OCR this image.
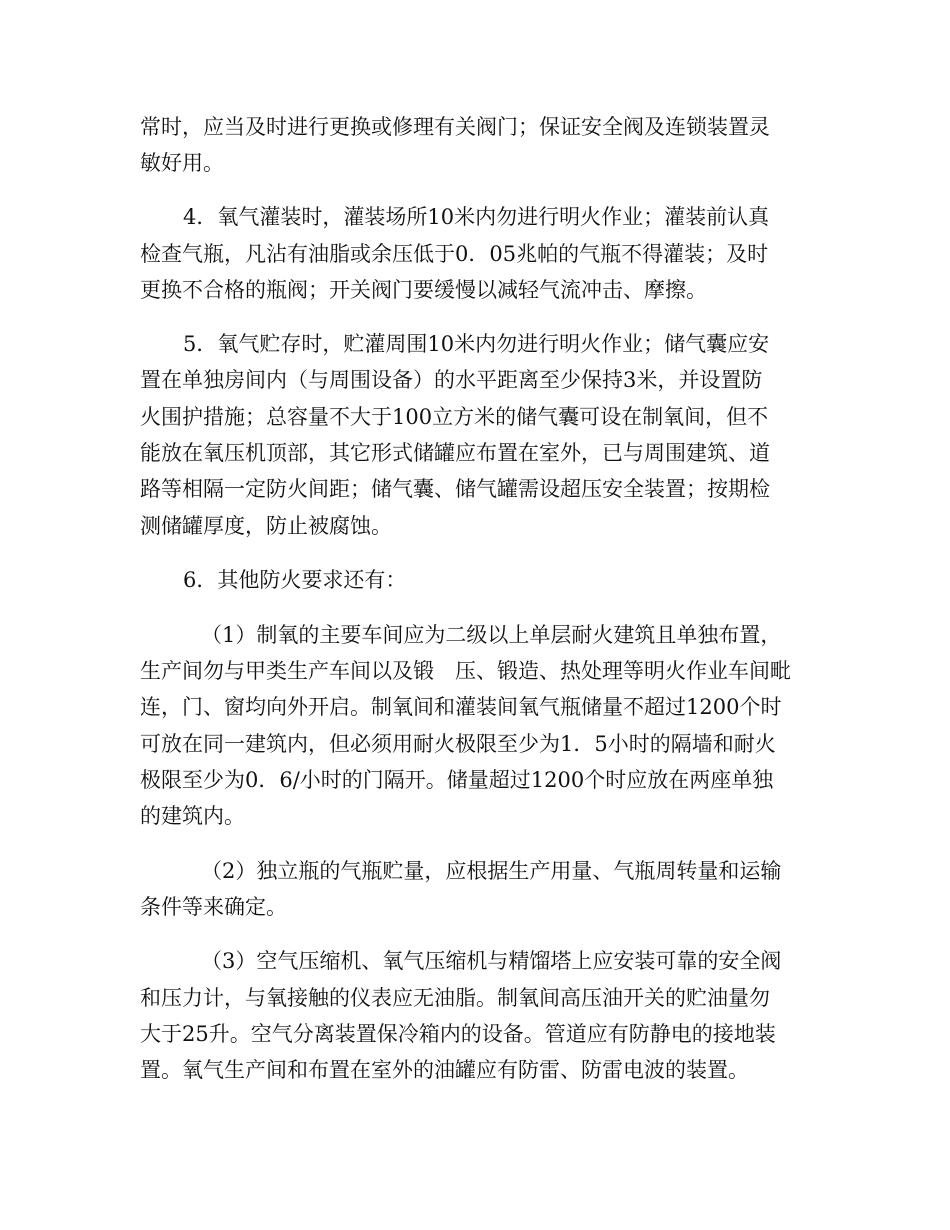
常时，应当及时进行更换或修理有关阀门；保证安全阀及连锁装置灵
敏好用。
4．氧气灌装时，灌装场所10米内勿进行明火作业；灌装前认真
检查气瓶，凡沾有油脂或余压低于0．05兆帕的气瓶不得灌装；及时
更换不合格的瓶阀；开关阀门要缓慢以减轻气流冲击、摩擦。
5．氧气贮存时，贮灌周围10米内勿进行明火作业；储气囊应安
置在单独房间内（与周围设备）的水平距离至少保持3米，并设置防
火围护措施；总容量不大于100立方米的储气囊可设在制氧间，但不
能放在氧压机顶部，其它形式储罐应布置在室外，已与周围建筑、道
路等相隔一定防火间距；储气囊、储气罐需设超压安全装置；按期检
测储罐厚度，防止被腐蚀。
6．其他防火要求还有：
（1）制氧的主要车间应为二级以上单层耐火建筑且单独布置，
生产间勿与甲类生产车间以及锻　压、锻造、热处理等明火作业车间毗
连，门、窗均向外开启。制氧间和灌装间氧气瓶储量不超过1200个时
可放在同一建筑内，但必须用耐火极限至少为1．5小时的隔墙和耐火
极限至少为0．6/小时的门隔开。储量超过1200个时应放在两座单独
的建筑内。
（2）独立瓶的气瓶贮量，应根据生产用量、气瓶周转量和运输
条件等来确定。
（3）空气压缩机、氧气压缩机与精馏塔上应安装可靠的安全阀
和压力计，与氧接触的仪表应无油脂。制氧间高压油开关的贮油量勿
大于25升。空气分离装置保冷箱内的设备。管道应有防静电的接地装
置。氧气生产间和布置在室外的油罐应有防雷、防雷电波的装置。
